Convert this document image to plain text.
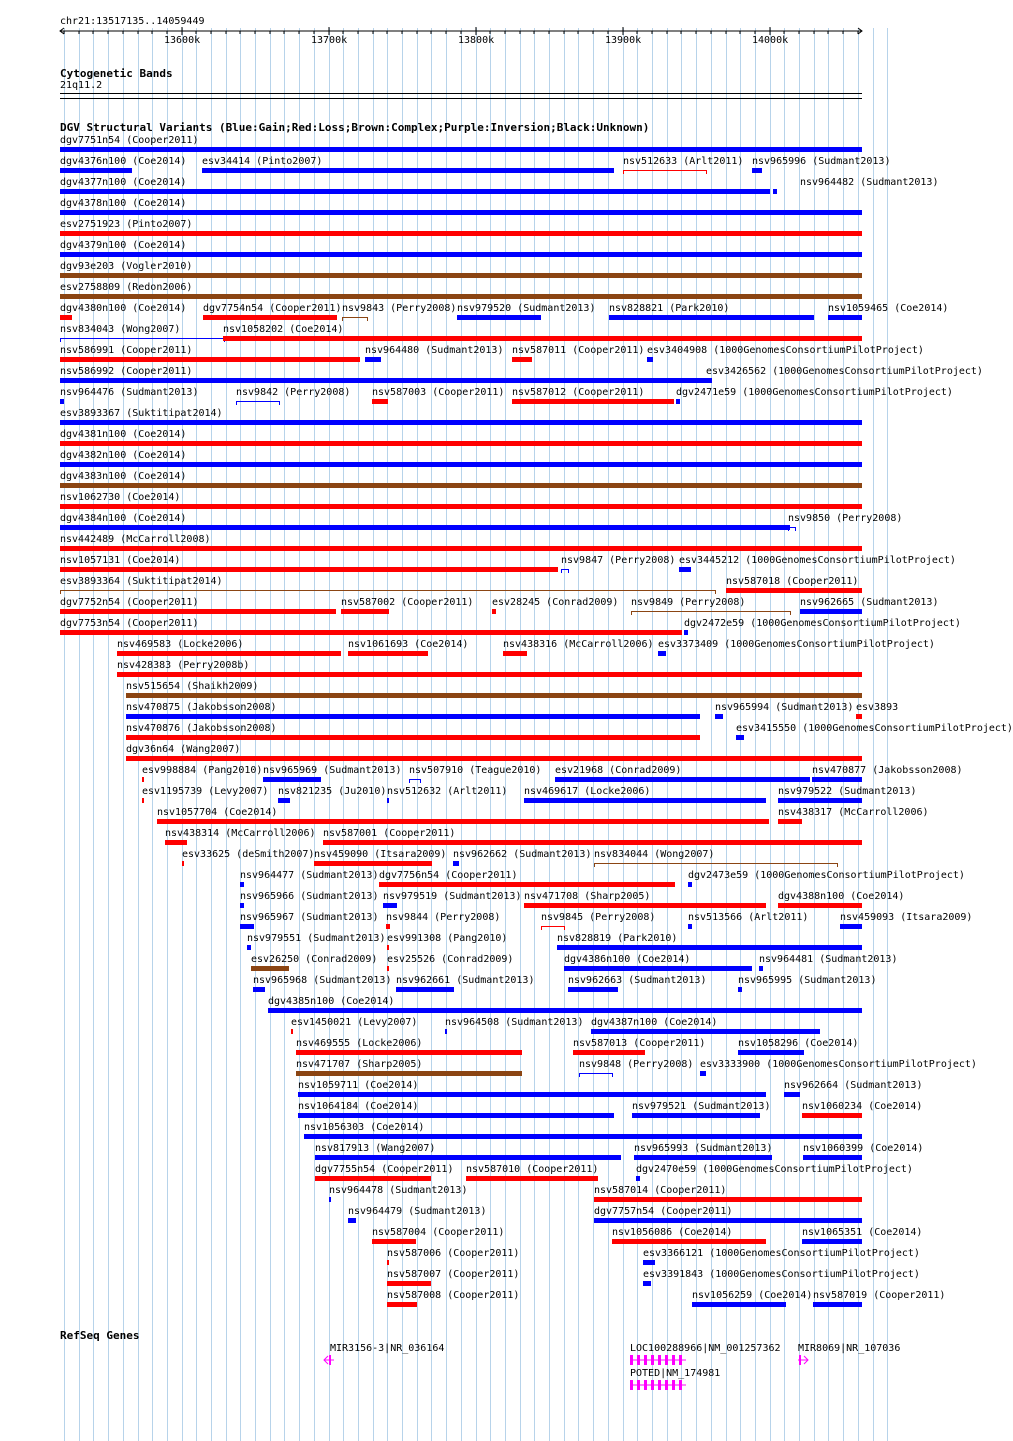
chr21:13517135..14059449
13600k	13700k	13800k	13900k	14000k
Cytogenetic Bands
21q11.2
DGV Structural Variants (Blue:Gain;Red:Loss;Brown:Complex;Purple:Inversion;Black:Unknown)
dgv7751n54 (Cooper2011)
dgv4376n100 (Coe2014) esv34414 (Pinto2007)	nsv512633 (Arlt2011) nsv965996 (Sudmant2013)
dgv4377n100 (Coe2014)	nsv964482 (Sudmant2013)
dgv4378n100 (Coe2014)
esv2751923 (Pinto2007)
dgv4379n100 (Coe2014)
dgv93e203 (Vogler2010)
esv2758809 (Redon2006)
dgv4380n100 (Coe2014) dgv7754n54 (Cooper2011) nsv9843 (Perry2008) nsv979520 (Sudmant2013) nsv828821 (Park2010)	nsv1059465 (Coe2014)
nsv834043 (Wong2007)	nsv1058202 (Coe2014)
nsv586991 (Cooper2011)	nsv964480 (Sudmant2013) nsv587011 (Cooper2011) esv3404908 (1000GenomesConsortiumPilotProject)
nsv586992 (Cooper2011)	esv3426562 (1000GenomesConsortiumPilotProject)
nsv964476 (Sudmant2013)	nsv9842 (Perry2008) nsv587003 (Cooper2011) nsv587012 (Cooper2011)	dgv2471e59 (1000GenomesConsortiumPilotProject)
esv3893367 (Suktitipat2014)
dgv4381n100 (Coe2014)
dgv4382n100 (Coe2014)
dgv4383n100 (Coe2014)
nsv1062730 (Coe2014)
dgv4384n100 (Coe2014)	nsv9850 (Perry2008)
nsv442489 (McCarroll2008)
nsv1057131 (Coe2014)	nsv9847 (Perry2008) esv3445212 (1000GenomesConsortiumPilotProject)
esv3893364 (Suktitipat2014)	nsv587018 (Cooper2011)
dgv7752n54 (Cooper2011)	nsv587002 (Cooper2011) esv28245 (Conrad2009) nsv9849 (Perry2008)	nsv962665 (Sudmant2013)
dgv7753n54 (Cooper2011)	dgv2472e59 (1000GenomesConsortiumPilotProject)
nsv469583 (Locke2006)	nsv1061693 (Coe2014)	nsv438316 (McCarroll2006) esv3373409 (1000GenomesConsortiumPilotProject)
nsv428383 (Perry2008b)
nsv515654 (Shaikh2009)
nsv470875 (Jakobsson2008)	nsv965994 (Sudmant2013) esv3893
nsv470876 (Jakobsson2008)	esv3415550 (1000GenomesConsortiumPilotProject)
dgv36n64 (Wang2007)
esv998884 (Pang2010) nsv965969 (Sudmant2013) nsv507910 (Teague2010) esv21968 (Conrad2009)	nsv470877 (Jakobsson2008)
esv1195739 (Levy2007) nsv821235 (Ju2010) nsv512632 (Arlt2011) nsv469617 (Locke2006)	nsv979522 (Sudmant2013)
nsv1057704 (Coe2014)	nsv438317 (McCarroll2006)
nsv438314 (McCarroll2006) nsv587001 (Cooper2011)
esv33625 (deSmith2007) nsv459090 (Itsara2009) nsv962662 (Sudmant2013) nsv834044 (Wong2007)
nsv964477 (Sudmant2013) dgv7756n54 (Cooper2011)	dgv2473e59 (1000GenomesConsortiumPilotProject)
nsv965966 (Sudmant2013) nsv979519 (Sudmant2013) nsv471708 (Sharp2005)	dgv4388n100 (Coe2014)
nsv965967 (Sudmant2013) nsv9844 (Perry2008)	nsv9845 (Perry2008)	nsv513566 (Arlt2011)	nsv459093 (Itsara2009)
nsv979551 (Sudmant2013) esv991308 (Pang2010)	nsv828819 (Park2010)
esv26250 (Conrad2009) esv25526 (Conrad2009)	dgv4386n100 (Coe2014)	nsv964481 (Sudmant2013)
nsv965968 (Sudmant2013) nsv962661 (Sudmant2013)	nsv962663 (Sudmant2013)	nsv965995 (Sudmant2013)
dgv4385n100 (Coe2014)
esv1450021 (Levy2007)	nsv964508 (Sudmant2013) dgv4387n100 (Coe2014)
nsv469555 (Locke2006)	nsv587013 (Cooper2011)	nsv1058296 (Coe2014)
nsv471707 (Sharp2005)	nsv9848 (Perry2008) esv3333900 (1000GenomesConsortiumPilotProject)
nsv1059711 (Coe2014)	nsv962664 (Sudmant2013)
nsv1064184 (Coe2014)	nsv979521 (Sudmant2013)	nsv1060234 (Coe2014)
nsv1056303 (Coe2014)
nsv817913 (Wang2007)	nsv965993 (Sudmant2013)	nsv1060399 (Coe2014)
dgv7755n54 (Cooper2011) nsv587010 (Cooper2011)	dgv2470e59 (1000GenomesConsortiumPilotProject)
nsv964478 (Sudmant2013)	nsv587014 (Cooper2011)
nsv964479 (Sudmant2013)	dgv7757n54 (Cooper2011)
nsv587004 (Cooper2011)	nsv1056086 (Coe2014)	nsv1065351 (Coe2014)
nsv587006 (Cooper2011)	esv3366121 (1000GenomesConsortiumPilotProject)
nsv587007 (Cooper2011)	esv3391843 (1000GenomesConsortiumPilotProject)
nsv587008 (Cooper2011)	nsv1056259 (Coe2014) nsv587019 (Cooper2011)
RefSeq Genes
MIR3156-3|NR_036164	LOC100288966|NM_001257362
POTED|NM_174981
MIR8069|NR_107036
